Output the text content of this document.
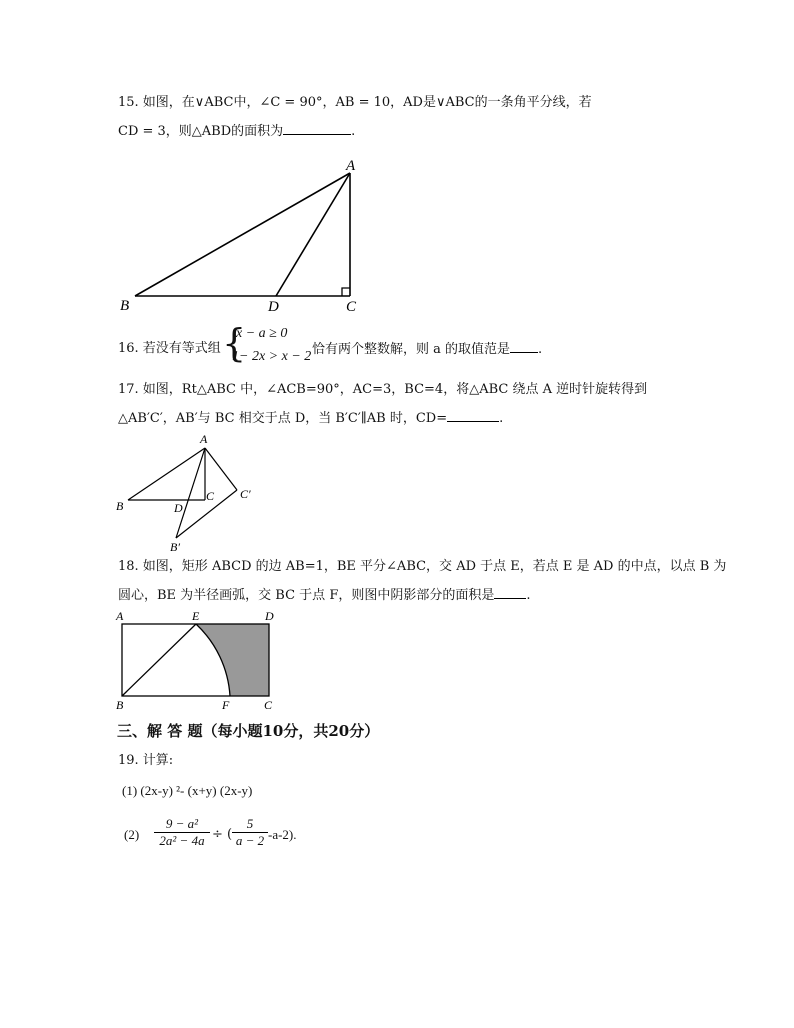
15. 如图，在∨ABC中，∠C = 90°，AB = 10，AD是∨ABC的一条角平分线，若
CD = 3，则△ABD的面积为	.
A
B	D	C
16. 若没有等式组 {
x − a ≥ 0
1− 2x > x − 2 恰有两个整数解，则 a 的取值范是 .
17. 如图，Rt△ABC 中，∠ACB=90°，AC=3，BC=4，将△ABC 绕点 A 逆时针旋转得到
△AB′C′，AB′与 BC 相交于点 D，当 B′C′∥AB 时，CD=	.
A
B	D
C C′
B′
18. 如图，矩形 ABCD 的边 AB=1，BE 平分∠ABC，交 AD 于点 E，若点 E 是 AD 的中点，以点 B 为
圆心，BE 为半径画弧，交 BC 于点 F，则图中阴影部分的面积是 .
A	E	D
B	F	C
三、解 答 题（每小题10分，共20分）
19. 计算:
(1) (2x-y) ²- (x+y) (2x-y)
$(2) \frac{\text{9 − a²}}{\text{2a² − 4a}}$ ÷ ( $\frac{5}{a - 2} -a-2$).
